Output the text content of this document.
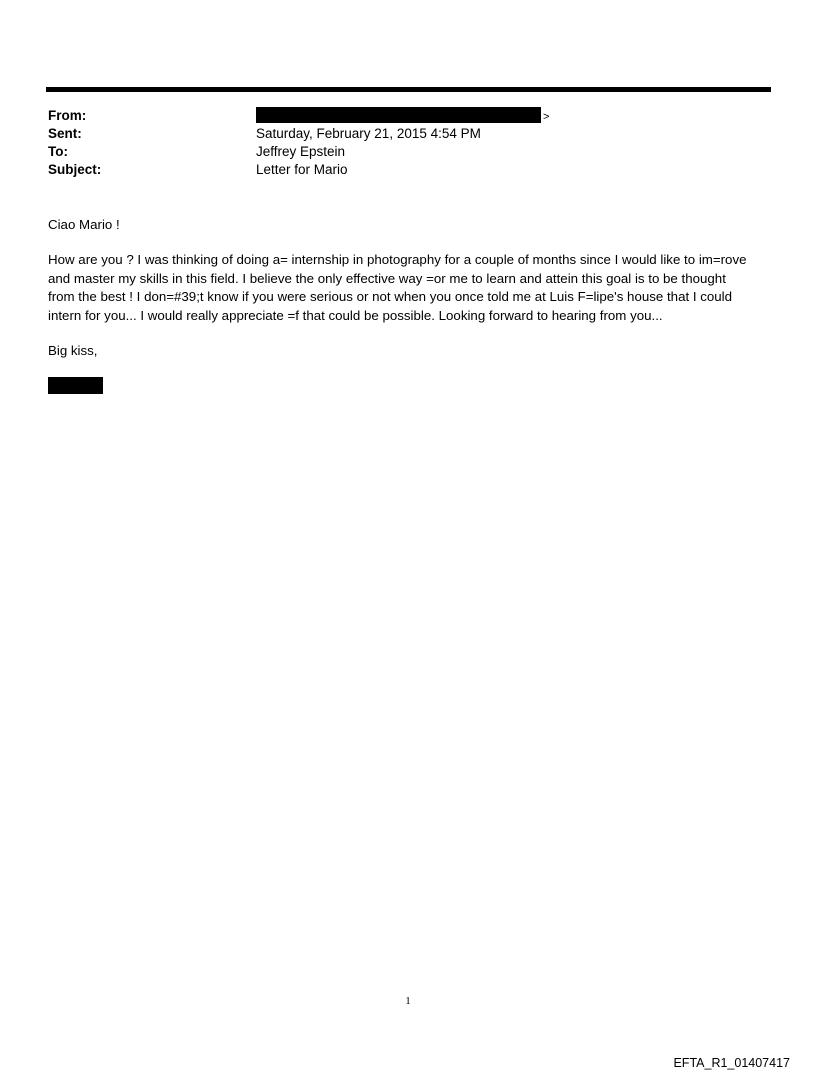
From:	>
Sent:	Saturday, February 21, 2015 4:54 PM
To:	Jeffrey Epstein
Subject:	Letter for Mario
Ciao Mario !
How are you ? I was thinking of doing a= internship in photography for a couple of months since I would like to im=rove
and master my skills in this field. I believe the only effective way =or me to learn and attein this goal is to be thought
from the best ! I don=#39;t know if you were serious or not when you once told me at Luis F=lipe's house that I could
intern for you... I would really appreciate =f that could be possible. Looking forward to hearing from you...
Big kiss,
1
EFTA_R1_01407417
